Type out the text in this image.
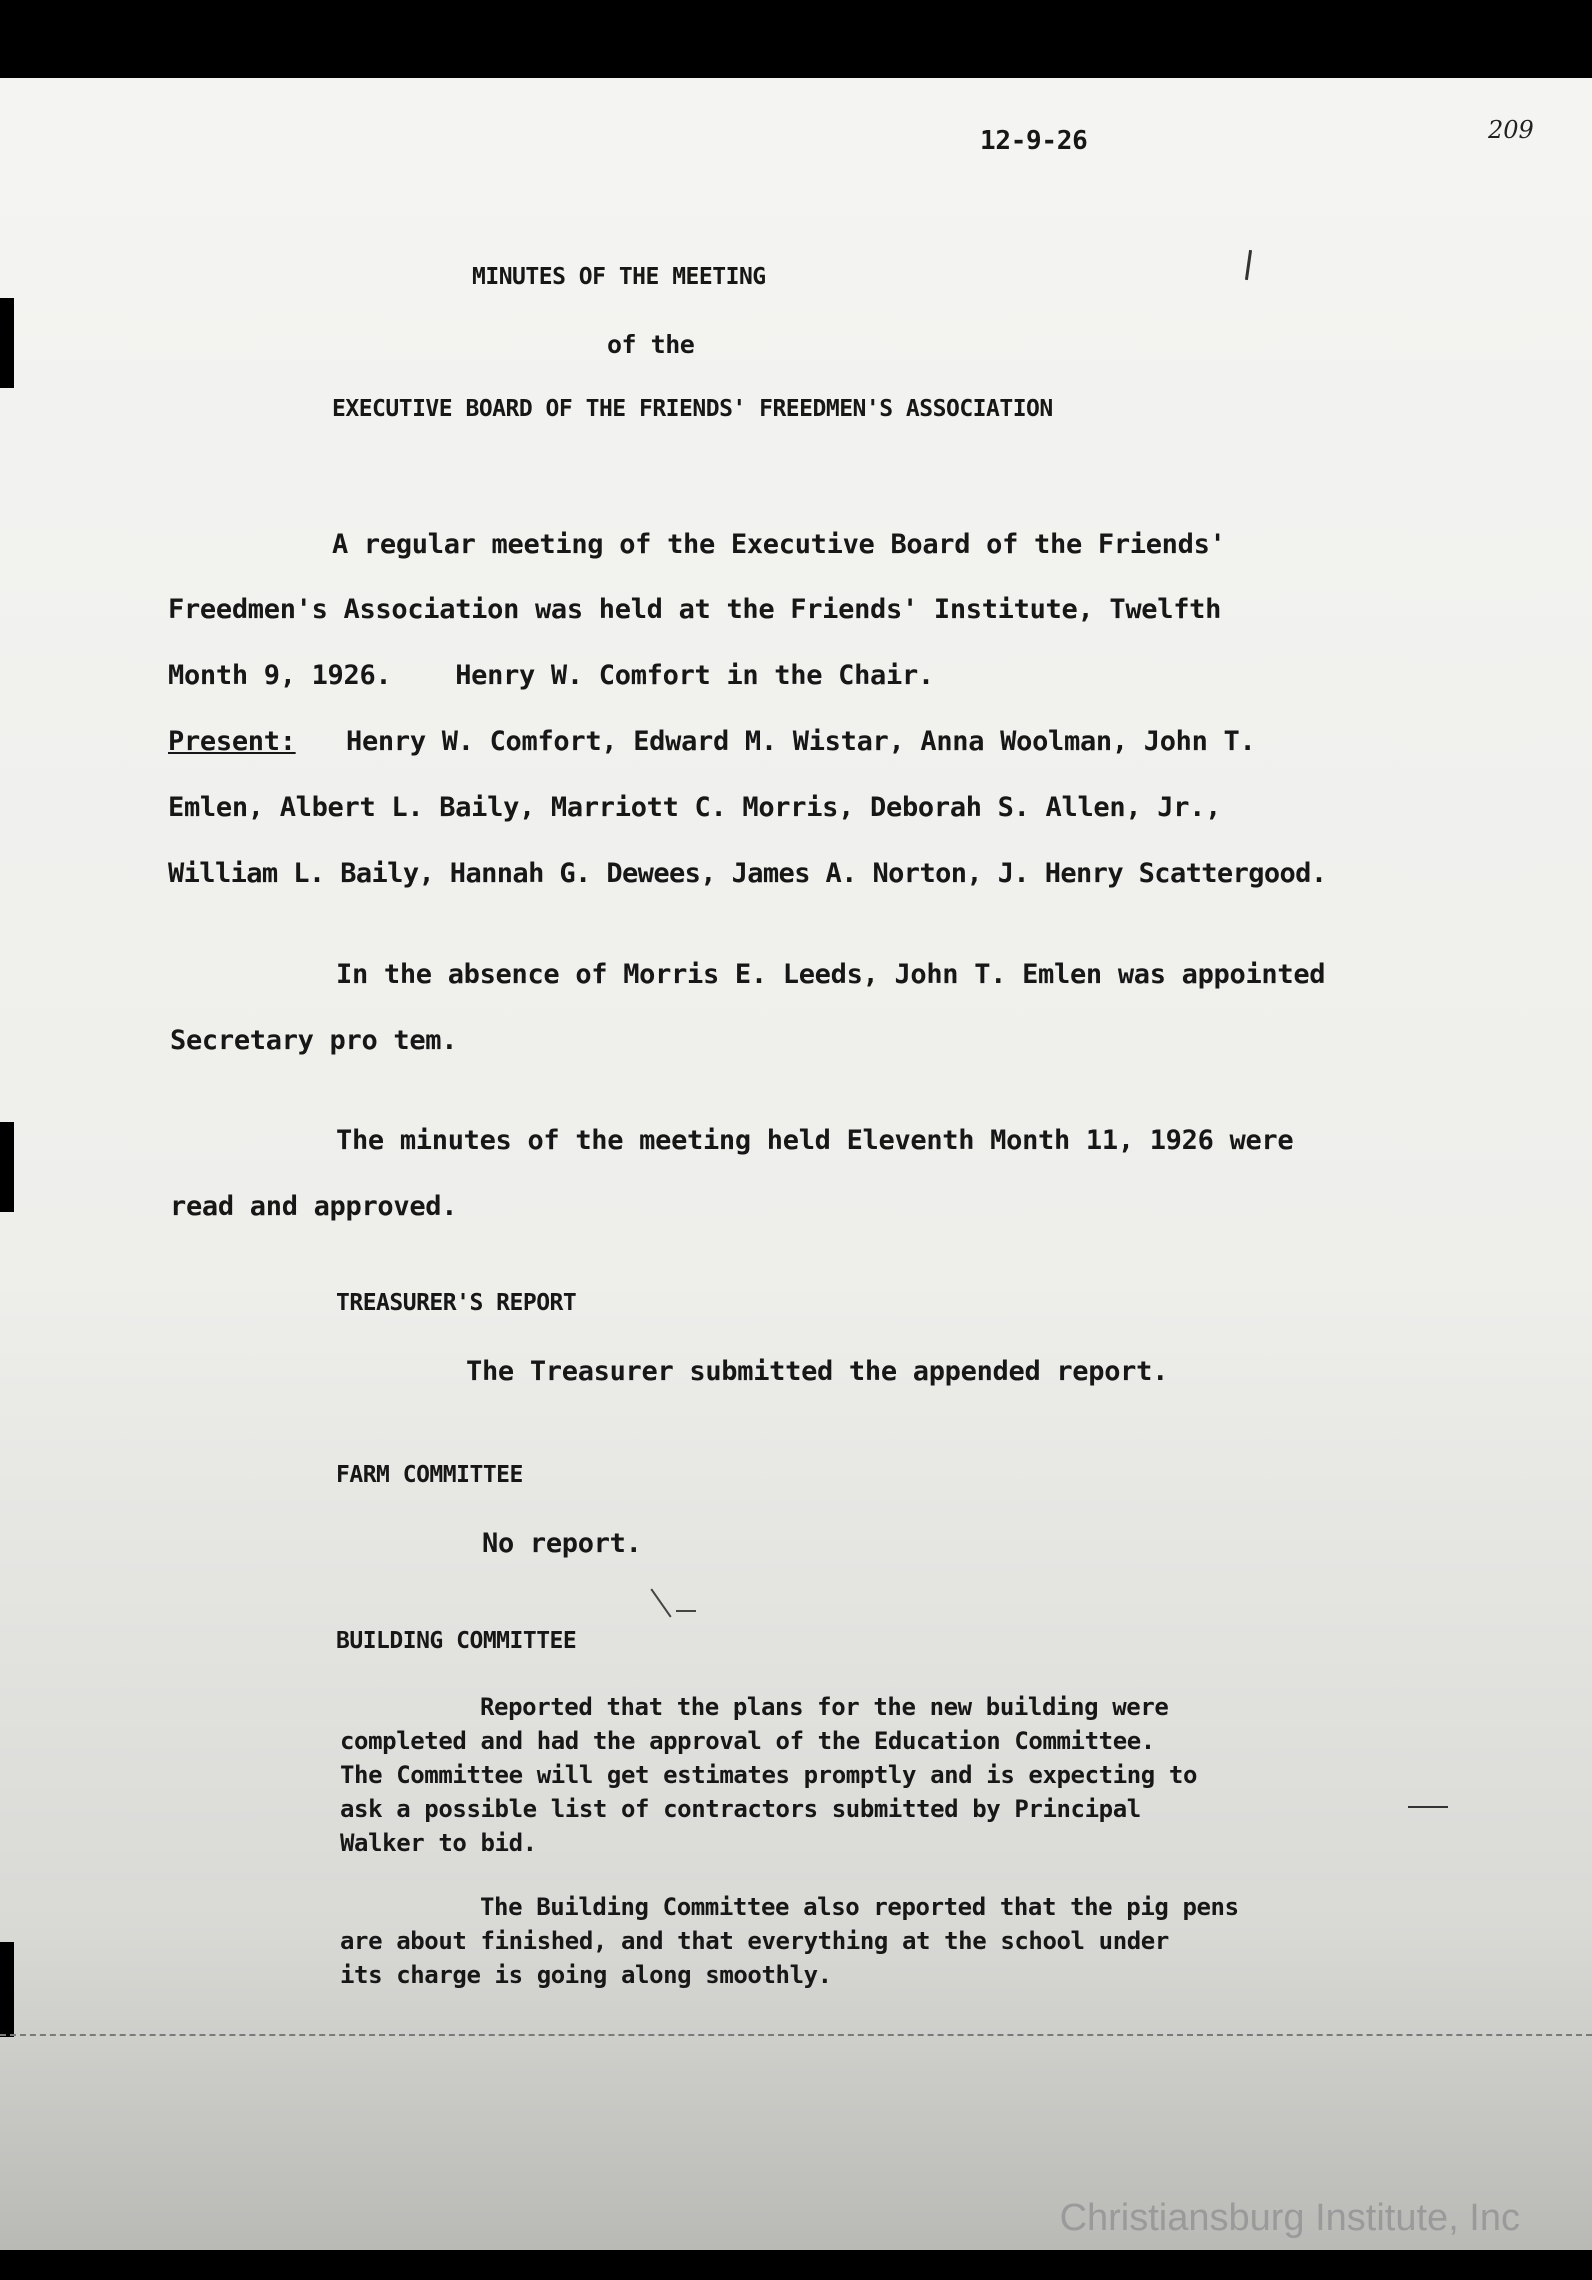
12-9-26	209
MINUTES OF THE MEETING
of the
EXECUTIVE BOARD OF THE FRIENDS' FREEDMEN'S ASSOCIATION
A regular meeting of the Executive Board of the Friends'
Freedmen's Association was held at the Friends' Institute, Twelfth
Month 9, 1926.    Henry W. Comfort in the Chair.
Present: Henry W. Comfort, Edward M. Wistar, Anna Woolman, John T.
Emlen, Albert L. Baily, Marriott C. Morris, Deborah S. Allen, Jr.,
William L. Baily, Hannah G. Dewees, James A. Norton, J. Henry Scattergood.
In the absence of Morris E. Leeds, John T. Emlen was appointed
Secretary pro tem.
The minutes of the meeting held Eleventh Month 11, 1926 were
read and approved.
TREASURER'S REPORT
The Treasurer submitted the appended report.
FARM COMMITTEE
No report.
BUILDING COMMITTEE
Reported that the plans for the new building were
completed and had the approval of the Education Committee.
The Committee will get estimates promptly and is expecting to
ask a possible list of contractors submitted by Principal
Walker to bid.
The Building Committee also reported that the pig pens
are about finished, and that everything at the school under
its charge is going along smoothly.
Christiansburg Institute, Inc
